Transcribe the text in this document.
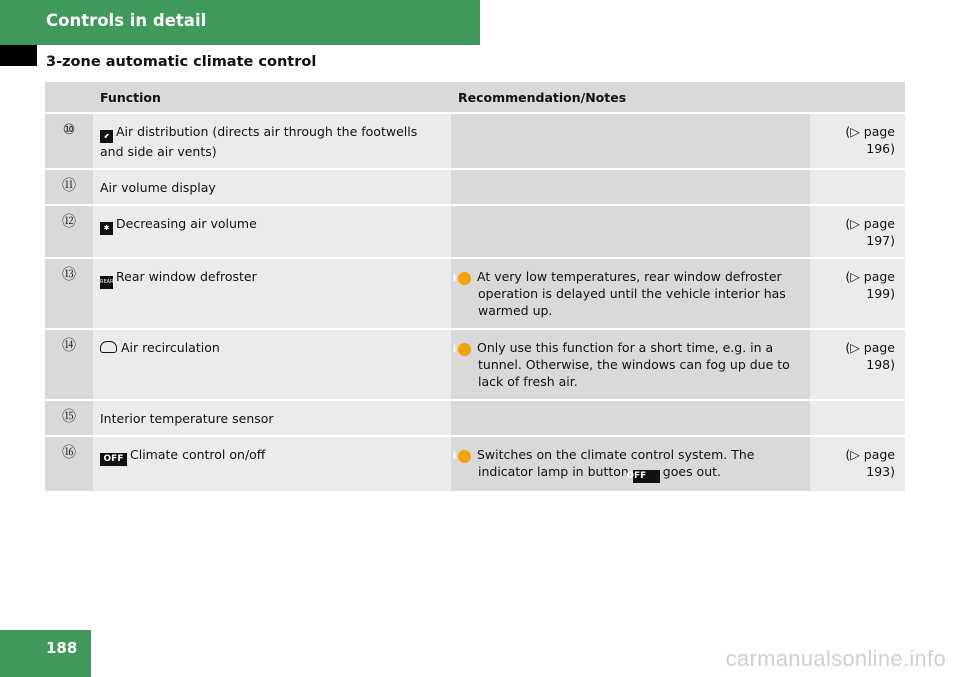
Controls in detail
3-zone automatic climate control
	Function	Recommendation/Notes	

⑩	⬋ Air distribution (directs air through the footwells and side air vents)		(▷ page 196)

⑪	Air volume display		

⑫	✱ Decreasing air volume		(▷ page 197)

⑬	REAR Rear window defroster	i At very low temperatures, rear window defroster operation is delayed until the vehicle interior has warmed up.	(▷ page 199)

⑭	Air recirculation	i Only use this function for a short time, e.g. in a tunnel. Otherwise, the windows can fog up due to lack of fresh air.	(▷ page 198)

⑮	Interior temperature sensor		

⑯	OFF Climate control on/off	i Switches on the climate control system. The indicator lamp in button OFF goes out.	(▷ page 193)
188	carmanualsonline.info
